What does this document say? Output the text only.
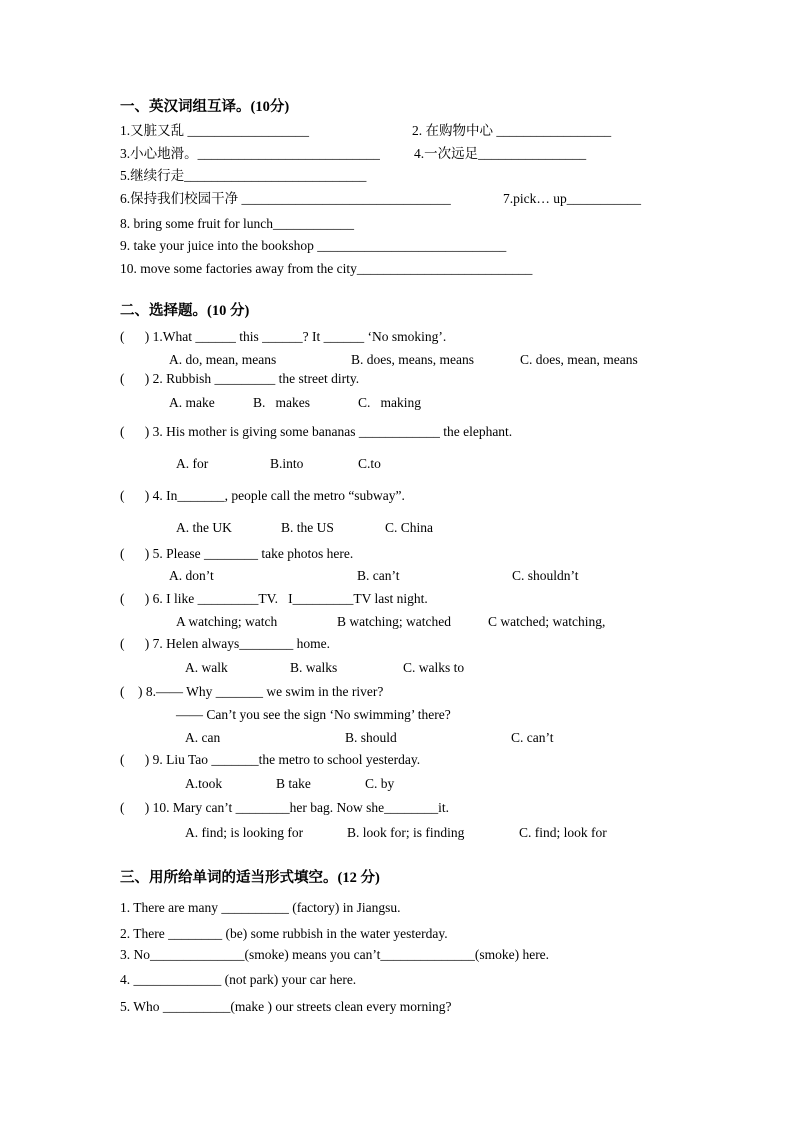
一、英汉词组互译。(10分)
1.又脏又乱 __________________	2. 在购物中心 _________________
3.小心地滑。___________________________	4.一次远足________________
5.继续行走___________________________
6.保持我们校园干净 _______________________________	7.pick… up___________
8. bring some fruit for lunch____________
9. take your juice into the bookshop ____________________________
10. move some factories away from the city__________________________
二、选择题。(10 分)
(      ) 1.What ______ this ______? It ______ ‘No smoking’.
A. do, mean, means	B. does, means, means	C. does, mean, means
(      ) 2. Rubbish _________ the street dirty.
A. make	B.   makes	C.   making
(      ) 3. His mother is giving some bananas ____________ the elephant.
A. for	B.into	C.to
(      ) 4. In_______, people call the metro “subway”.
A. the UK	B. the US	C. China
(      ) 5. Please ________ take photos here.
A. don’t	B. can’t	C. shouldn’t
(      ) 6. I like _________TV.   I_________TV last night.
A watching; watch	B watching; watched	C watched; watching,
(      ) 7. Helen always________ home.
A. walk	B. walks	C. walks to
(    ) 8.—— Why _______ we swim in the river?
—— Can’t you see the sign ‘No swimming’ there?
A. can	B. should	C. can’t
(      ) 9. Liu Tao _______the metro to school yesterday.
A.took	B take	C. by
(      ) 10. Mary can’t ________her bag. Now she________it.
A. find; is looking for	B. look for; is finding	C. find; look for
三、用所给单词的适当形式填空。(12 分)
1. There are many __________ (factory) in Jiangsu.
2. There ________ (be) some rubbish in the water yesterday.
3. No______________(smoke) means you can’t______________(smoke) here.
4. _____________ (not park) your car here.
5. Who __________(make ) our streets clean every morning?
